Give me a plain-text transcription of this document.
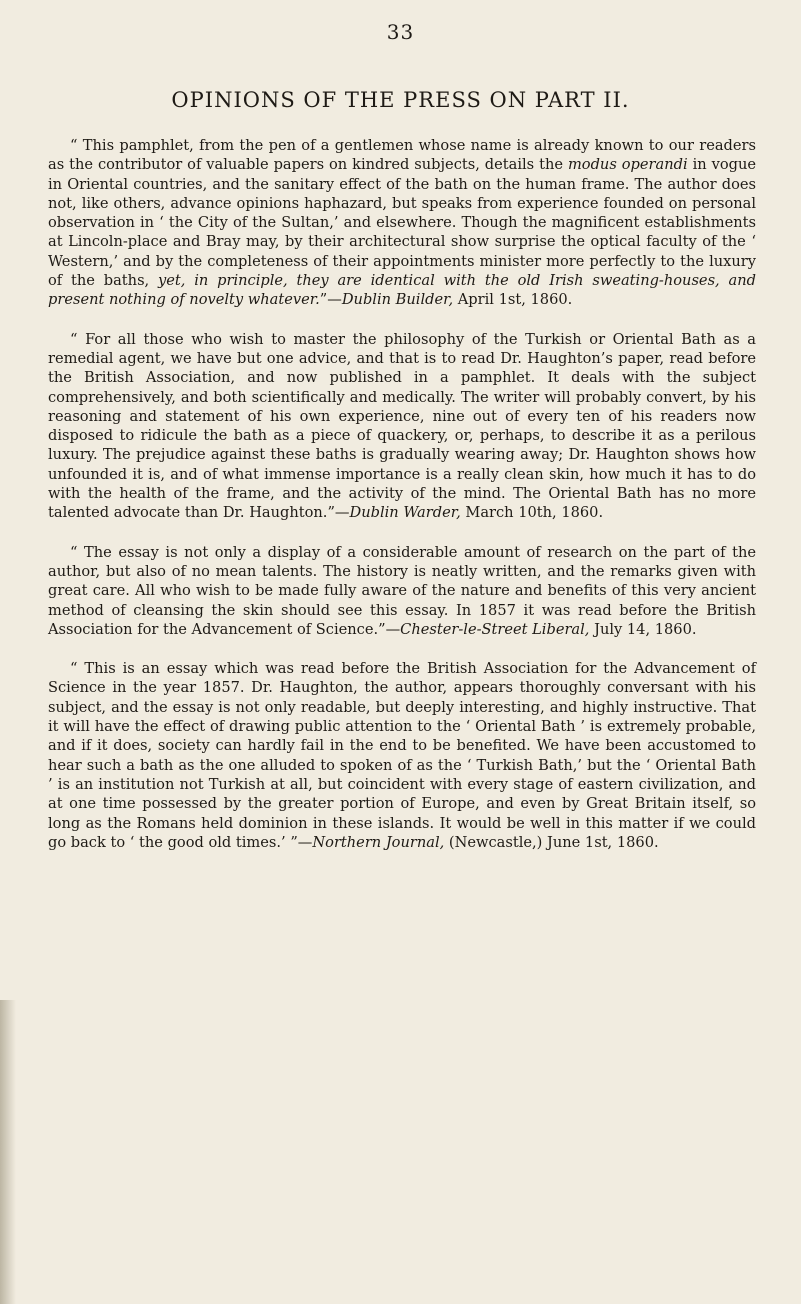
33
OPINIONS OF THE PRESS ON PART II.

“ This pamphlet, from the pen of a gentlemen whose name is already known to our readers as the contributor of valuable papers on kindred subjects, details the modus operandi in vogue in Oriental countries, and the sanitary effect of the bath on the human frame. The author does not, like others, advance opinions haphazard, but speaks from experience founded on personal observation in ‘ the City of the Sultan,’ and elsewhere. Though the magnificent establishments at Lincoln-place and Bray may, by their architectural show surprise the optical faculty of the ‘ Western,’ and by the completeness of their appointments minister more perfectly to the luxury of the baths, yet, in principle, they are identical with the old Irish sweating-houses, and present nothing of novelty whatever.”—Dublin Builder, April 1st, 1860.

“ For all those who wish to master the philosophy of the Turkish or Oriental Bath as a remedial agent, we have but one advice, and that is to read Dr. Haughton’s paper, read before the British Association, and now published in a pamphlet. It deals with the subject comprehensively, and both scientifically and medically. The writer will probably convert, by his reasoning and statement of his own experience, nine out of every ten of his readers now disposed to ridicule the bath as a piece of quackery, or, perhaps, to describe it as a perilous luxury. The prejudice against these baths is gradually wearing away; Dr. Haughton shows how unfounded it is, and of what immense importance is a really clean skin, how much it has to do with the health of the frame, and the activity of the mind. The Oriental Bath has no more talented advocate than Dr. Haughton.”—Dublin Warder, March 10th, 1860.

“ The essay is not only a display of a considerable amount of research on the part of the author, but also of no mean talents. The history is neatly written, and the remarks given with great care. All who wish to be made fully aware of the nature and benefits of this very ancient method of cleansing the skin should see this essay. In 1857 it was read before the British Association for the Advancement of Science.”—Chester-le-Street Liberal, July 14, 1860.

“ This is an essay which was read before the British Association for the Advancement of Science in the year 1857. Dr. Haughton, the author, appears thoroughly conversant with his subject, and the essay is not only readable, but deeply interesting, and highly instructive. That it will have the effect of drawing public attention to the ‘ Oriental Bath ’ is extremely probable, and if it does, society can hardly fail in the end to be benefited. We have been accustomed to hear such a bath as the one alluded to spoken of as the ‘ Turkish Bath,’ but the ‘ Oriental Bath ’ is an institution not Turkish at all, but coincident with every stage of eastern civilization, and at one time possessed by the greater portion of Europe, and even by Great Britain itself, so long as the Romans held dominion in these islands. It would be well in this matter if we could go back to ‘ the good old times.’ ”—Northern Journal, (Newcastle,) June 1st, 1860.
